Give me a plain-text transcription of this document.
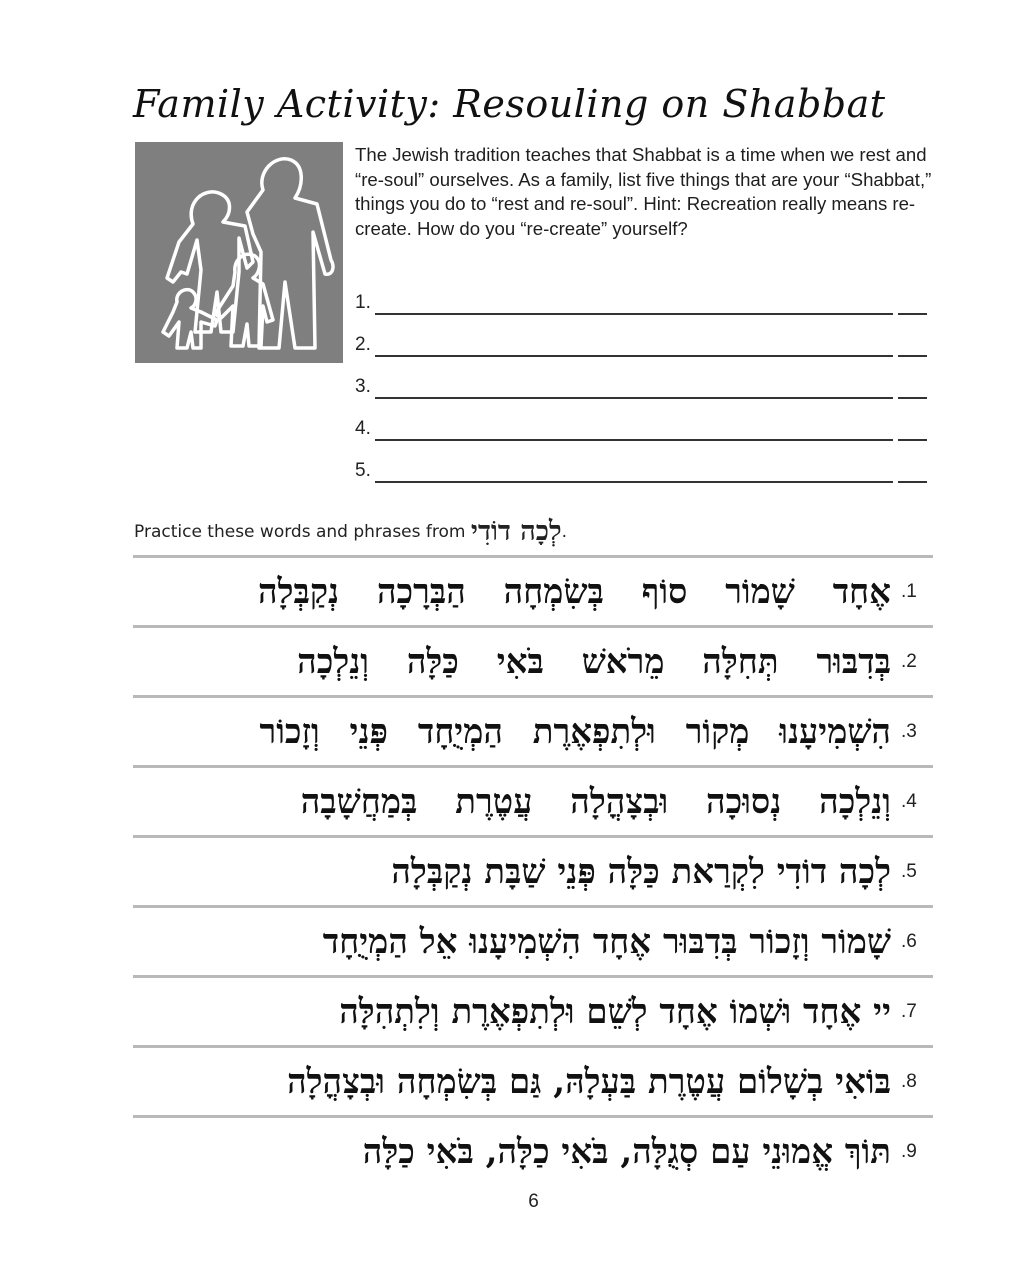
Family Activity: Resouling on Shabbat
The Jewish tradition teaches that Shabbat is a time when we rest and “re-soul” ourselves. As a family, list five things that are your “Shabbat,” things you do to “rest and re-soul”. Hint: Recreation really means re-create. How do you “re-create” yourself?
1.
2.
3.
4.
5.
Practice these words and phrases from לְכָה דוֹדִי.
1.
אֶחָד שָׁמוֹר סוֹף בְּשִׂמְחָה הַבְּרָכָה נְקַבְּלָה
2.
בְּדִבּוּר תְּחִלָּה מֵרֹאשׁ בֹּאִי כַּלָּה וְנֵלְכָה
3.
הִשְׁמִיעָנוּ מְקוֹר וּלְתִפְאֶרֶת הַמְיֻחָד פְּנֵי וְזָכוֹר
4.
וְנֵלְכָה נְסוּכָה וּבְצָהֳלָה עֲטֶרֶת בְּמַחֲשָׁבָה
5.
לְכָה דוֹדִי לִקְרַאת כַּלָּה פְּנֵי שַׁבָּת נְקַבְּלָה
6.
שָׁמוֹר וְזָכוֹר בְּדִבּוּר אֶחָד הִשְׁמִיעָנוּ אֵל הַמְיֻחָד
7.
יי אֶחָד וּשְׁמוֹ אֶחָד לְשֵׁם וּלְתִפְאֶרֶת וְלִתְהִלָּה
8.
בּוֹאִי בְשָׁלוֹם עֲטֶרֶת בַּעְלָהּ, גַּם בְּשִׂמְחָה וּבְצָהֳלָה
9.
תּוֹךְ אֱמוּנֵי עַם סְגֻלָּה, בֹּאִי כַלָּה, בֹּאִי כַלָּה
6
